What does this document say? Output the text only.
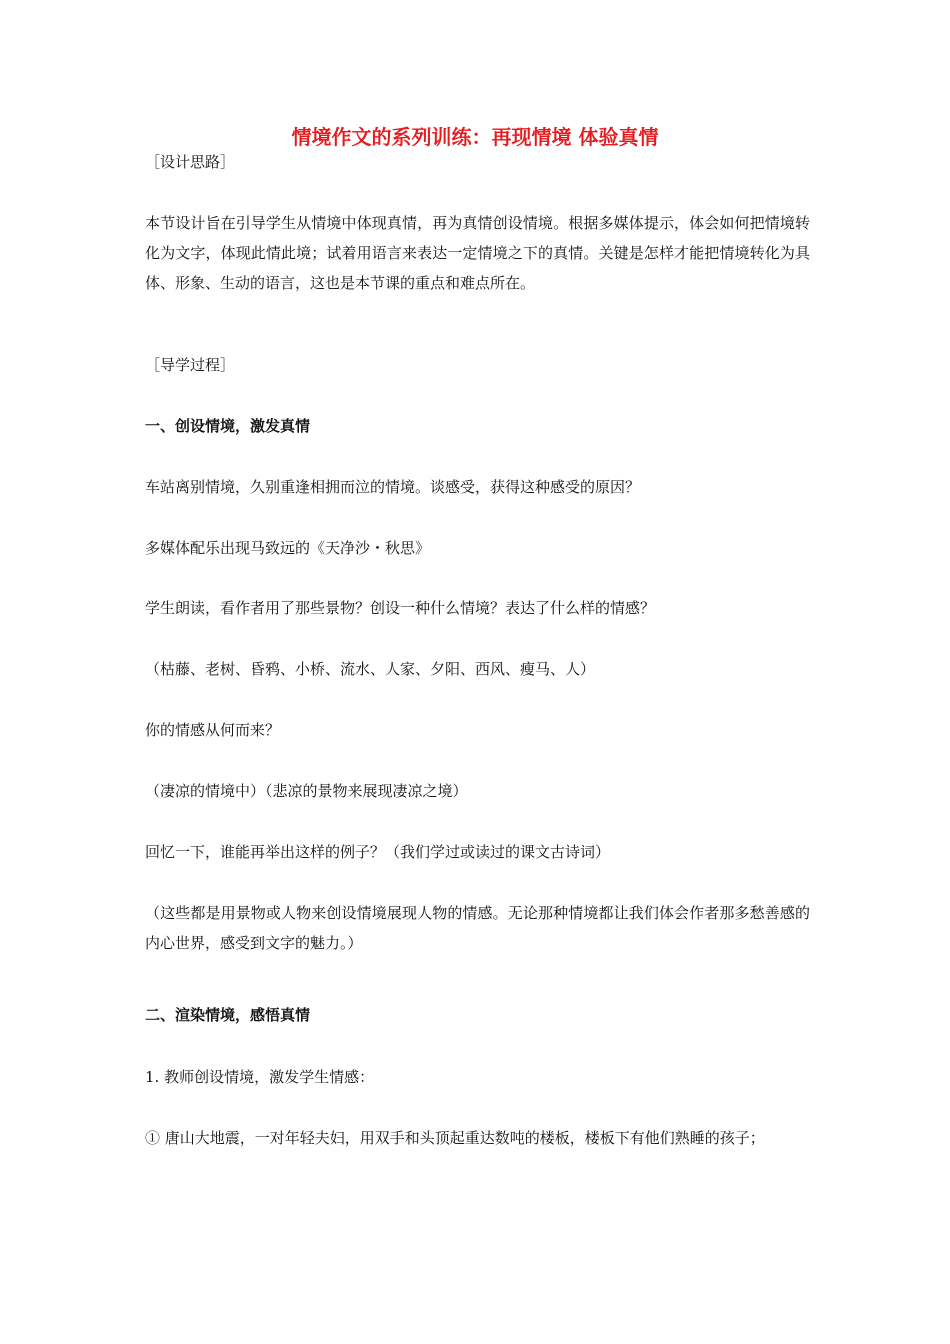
情境作文的系列训练：再现情境 体验真情
［设计思路］
本节设计旨在引导学生从情境中体现真情，再为真情创设情境。根据多媒体提示，体会如何把情境转化为文字，体现此情此境；试着用语言来表达一定情境之下的真情。关键是怎样才能把情境转化为具体、形象、生动的语言，这也是本节课的重点和难点所在。
［导学过程］
一、创设情境，激发真情
车站离别情境，久别重逢相拥而泣的情境。谈感受，获得这种感受的原因？
多媒体配乐出现马致远的《天净沙・秋思》
学生朗读，看作者用了那些景物？创设一种什么情境？表达了什么样的情感？
（枯藤、老树、昏鸦、小桥、流水、人家、夕阳、西风、瘦马、人）
你的情感从何而来？
（凄凉的情境中）（悲凉的景物来展现凄凉之境）
回忆一下，谁能再举出这样的例子？（我们学过或读过的课文古诗词）
（这些都是用景物或人物来创设情境展现人物的情感。无论那种情境都让我们体会作者那多愁善感的内心世界，感受到文字的魅力。）
二、渲染情境，感悟真情
1. 教师创设情境，激发学生情感：
① 唐山大地震，一对年轻夫妇，用双手和头顶起重达数吨的楼板，楼板下有他们熟睡的孩子；
